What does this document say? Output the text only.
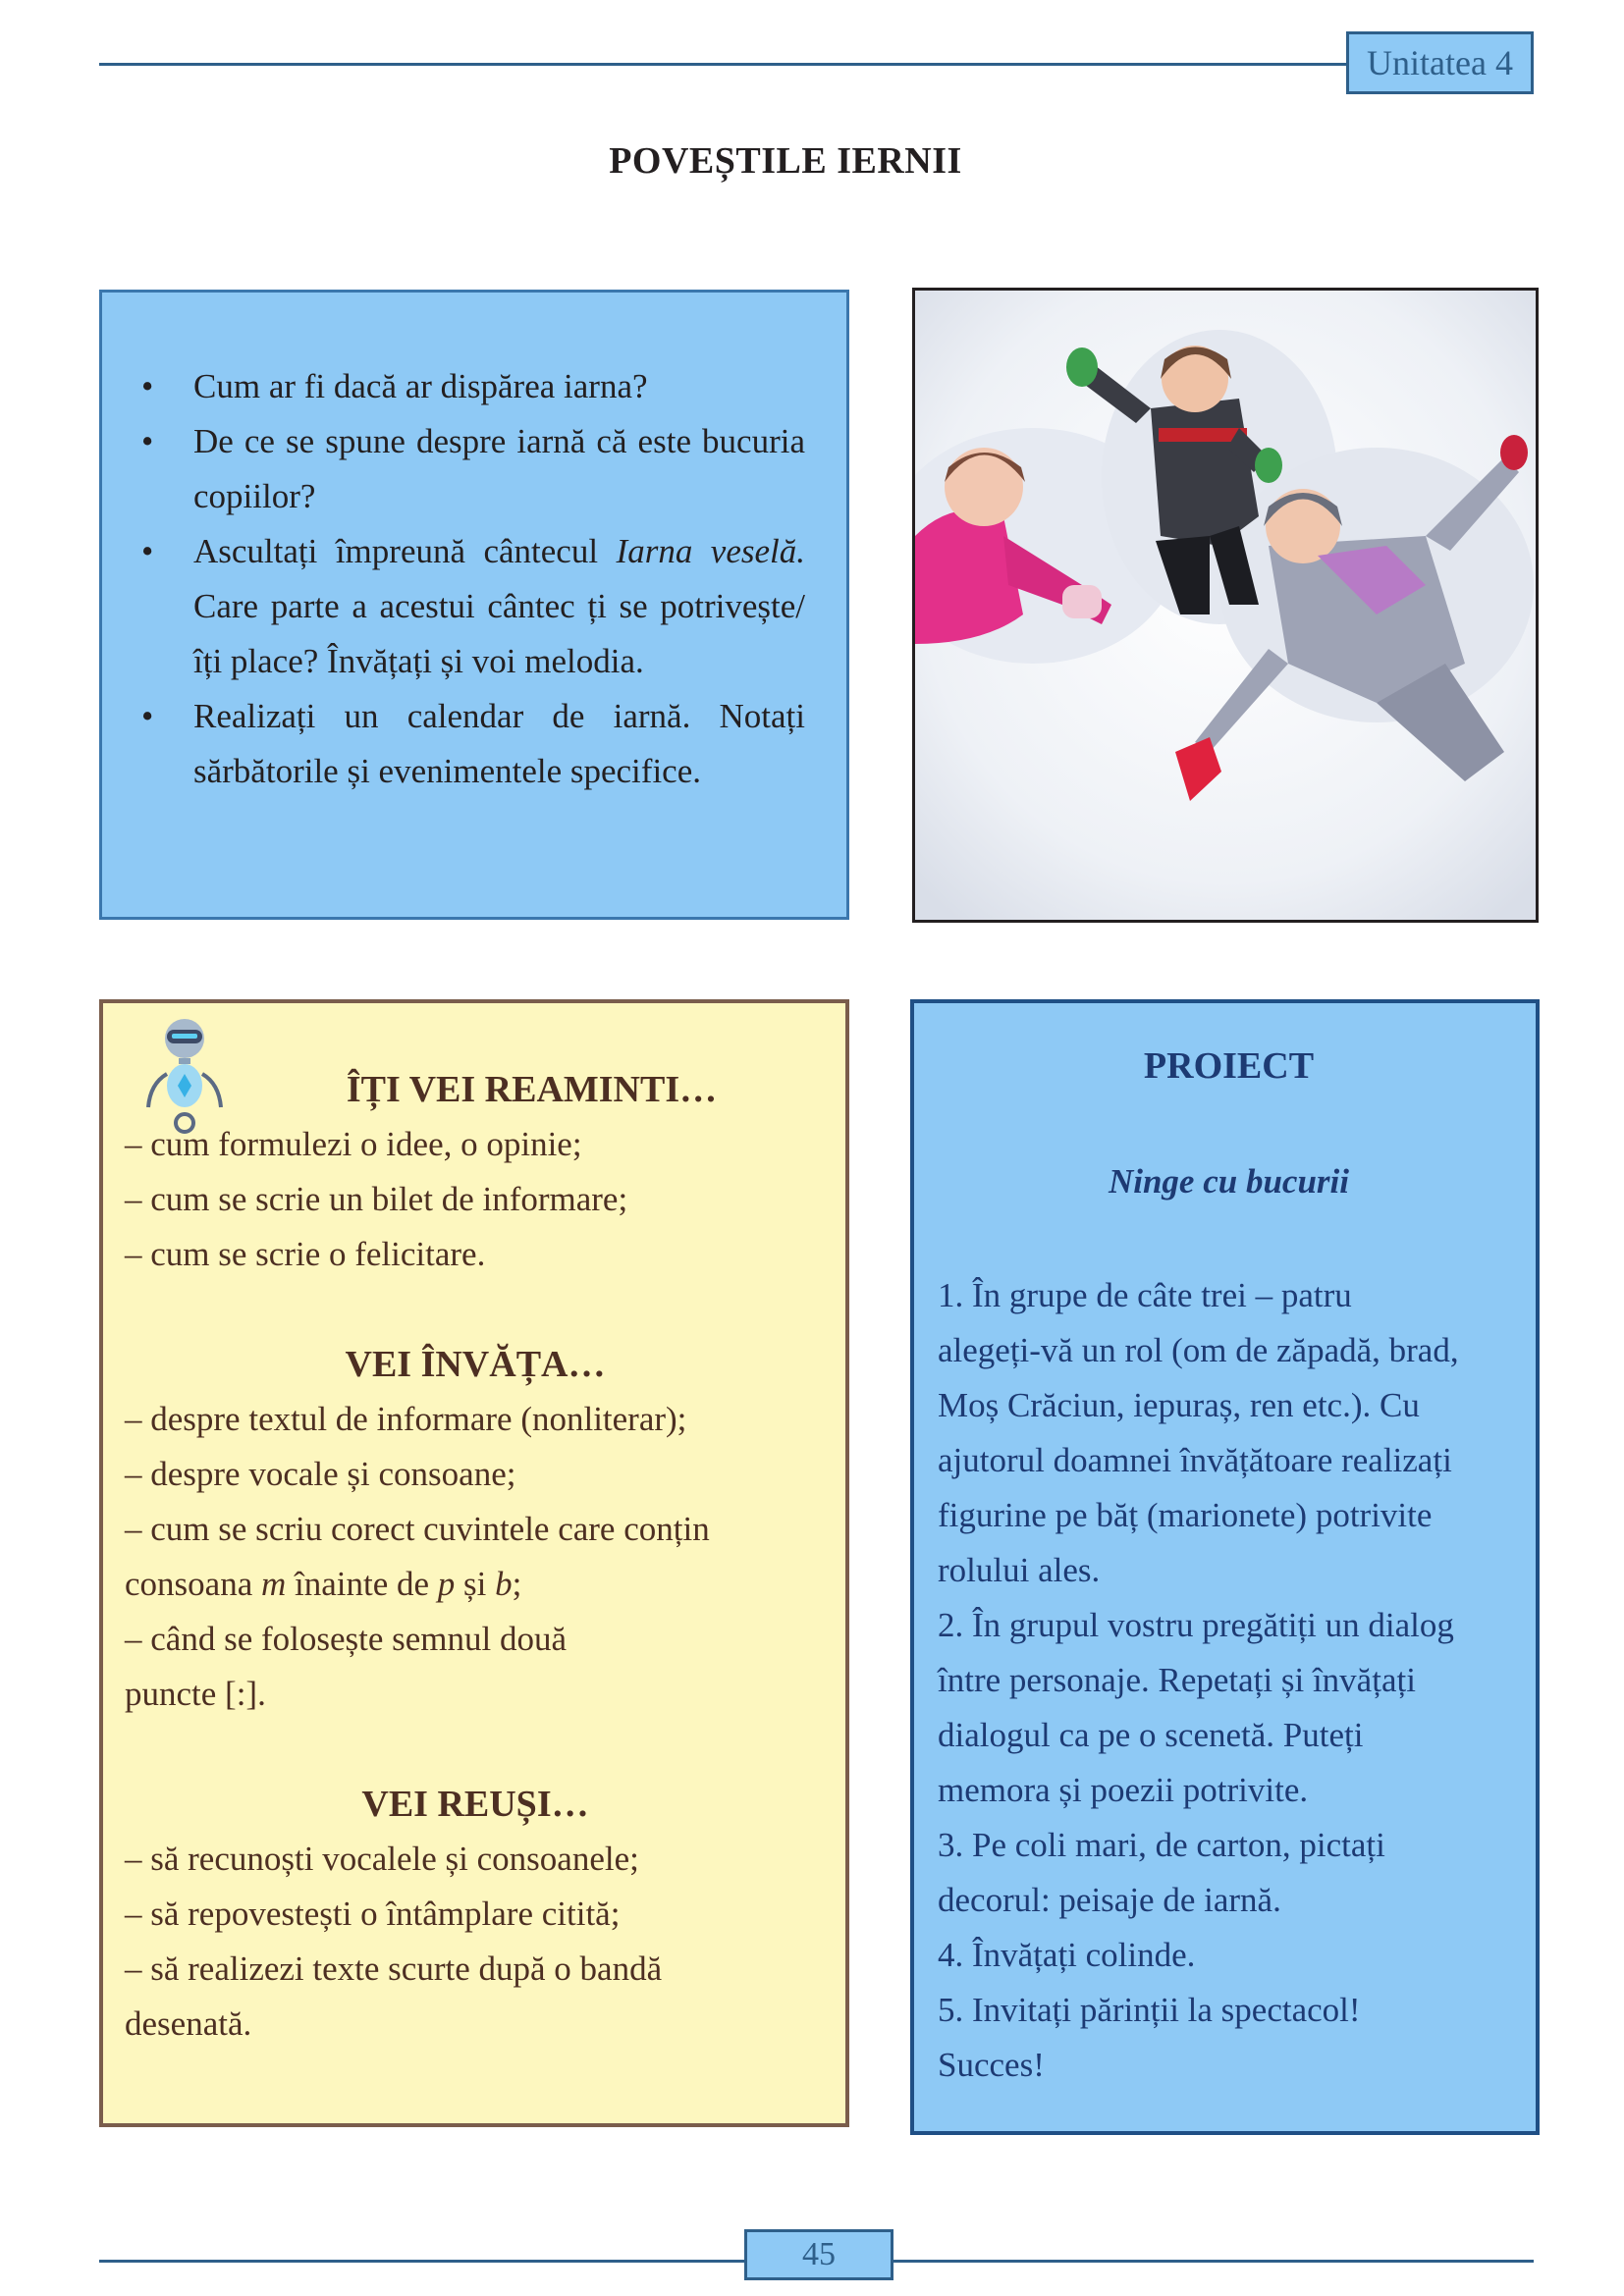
Unitatea 4
POVEȘTILE IERNII
• Cum ar fi dacă ar dispărea iarna?
• De ce se spune despre iarnă că este bucuria copiilor?
• Ascultați împreună cântecul Iarna veselă. Care parte a acestui cântec ți se potrivește/îți place? Învățați și voi melodia.
• Realizați un calendar de iarnă. Notați sărbătorile și evenimentele specifice.
ÎȚI VEI REAMINTI…
– cum formulezi o idee, o opinie;
– cum se scrie un bilet de informare;
– cum se scrie o felicitare.
VEI ÎNVĂȚA…
– despre textul de informare (nonliterar);
– despre vocale și consoane;
– cum se scriu corect cuvintele care conțin
consoana m înainte de p și b;
– când se folosește semnul două
puncte [:].
VEI REUȘI…
– să recunoști vocalele și consoanele;
– să repovestești o întâmplare citită;
– să realizezi texte scurte după o bandă
desenată.
PROIECT
Ninge cu bucurii
1. În grupe de câte trei – patru
alegeți-vă un rol (om de zăpadă, brad,
Moș Crăciun, iepuraș, ren etc.). Cu
ajutorul doamnei învățătoare realizați
figurine pe băț (marionete) potrivite
rolului ales.
2. În grupul vostru pregătiți un dialog
între personaje. Repetați și învățați
dialogul ca pe o scenetă. Puteți
memora și poezii potrivite.
3. Pe coli mari, de carton, pictați
decorul: peisaje de iarnă.
4. Învățați colinde.
5. Invitați părinții la spectacol!
Succes!
45
